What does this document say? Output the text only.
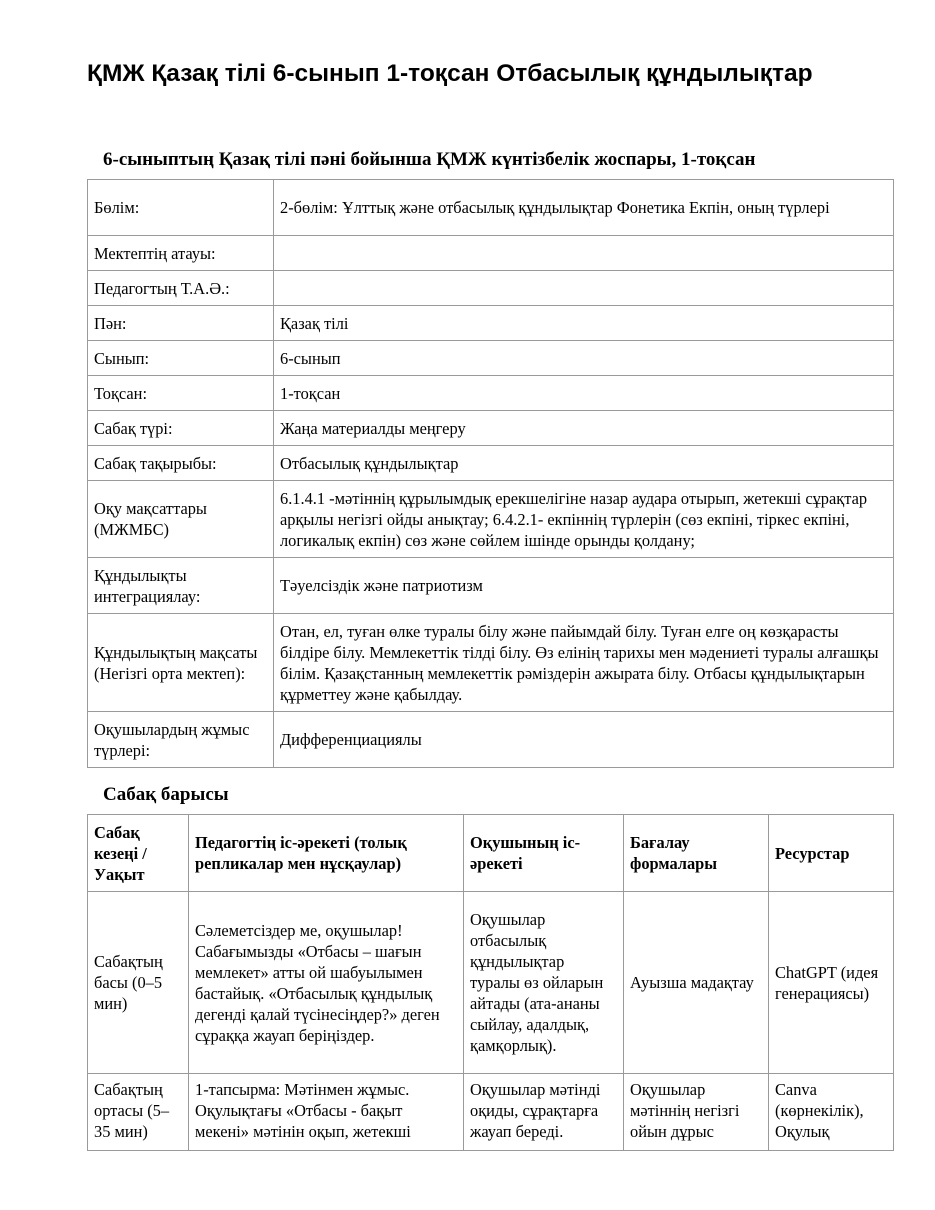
ҚМЖ Қазақ тілі 6-сынып 1-тоқсан Отбасылық құндылықтар
6-сыныптың Қазақ тілі пәні бойынша ҚМЖ күнтізбелік жоспары, 1-тоқсан
Бөлім:	2-бөлім: Ұлттық және отбасылық құндылықтар Фонетика Екпін, оның түрлері
Мектептің атауы:	
Педагогтың Т.А.Ә.:	
Пән:	Қазақ тілі
Сынып:	6-сынып
Тоқсан:	1-тоқсан
Сабақ түрі:	Жаңа материалды меңгеру
Сабақ тақырыбы:	Отбасылық құндылықтар
Оқу мақсаттары (МЖМБС)	6.1.4.1 -мәтіннің құрылымдық ерекшелігіне назар аудара отырып, жетекші сұрақтар арқылы негізгі ойды анықтау; 6.4.2.1- екпіннің түрлерін (сөз екпіні, тіркес екпіні, логикалық екпін) сөз және сөйлем ішінде орынды қолдану;
Құндылықты интеграциялау:	Тәуелсіздік және патриотизм
Құндылықтың мақсаты (Негізгі орта мектеп):	Отан, ел, туған өлке туралы білу және пайымдай білу. Туған елге оң көзқарасты білдіре білу. Мемлекеттік тілді білу. Өз елінің тарихы мен мәдениеті туралы алғашқы білім. Қазақстанның мемлекеттік рәміздерін ажырата білу. Отбасы құндылықтарын құрметтеу және қабылдау.
Оқушылардың жұмыс түрлері:	Дифференциациялы
Сабақ барысы
Сабақ кезеңі / Уақыт	Педагогтің іс-әрекеті (толық репликалар мен нұсқаулар)	Оқушының іс-әрекеті	Бағалау формалары	Ресурстар
Сабақтың басы (0–5 мин)	Сәлеметсіздер ме, оқушылар! Сабағымызды «Отбасы – шағын мемлекет» атты ой шабуылымен бастайық. «Отбасылық құндылық дегенді қалай түсінесіңдер?» деген сұраққа жауап беріңіздер.	Оқушылар отбасылық құндылықтар туралы өз ойларын айтады (ата-ананы сыйлау, адалдық, қамқорлық).	Ауызша мадақтау	ChatGPT (идея генерациясы)
Сабақтың ортасы (5–35 мин)	1-тапсырма: Мәтінмен жұмыс. Оқулықтағы «Отбасы - бақыт мекені» мәтінін оқып, жетекші	Оқушылар мәтінді оқиды, сұрақтарға жауап береді.	Оқушылар мәтіннің негізгі ойын дұрыс	Canva (көрнекілік), Оқулық
